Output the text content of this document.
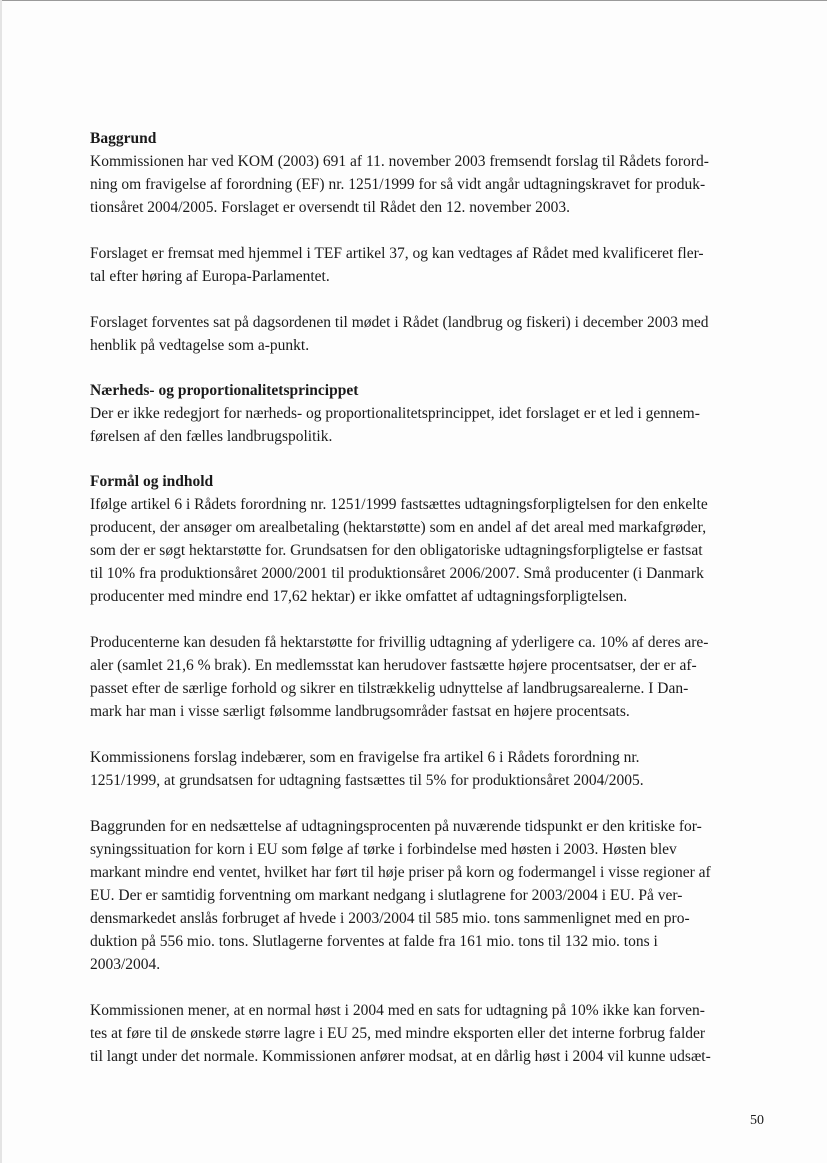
Baggrund
Kommissionen har ved KOM (2003) 691 af 11. november 2003 fremsendt forslag til Rådets forord-
ning om fravigelse af forordning (EF) nr. 1251/1999 for så vidt angår udtagningskravet for produk-
tionsåret 2004/2005. Forslaget er oversendt til Rådet den 12. november 2003.
Forslaget er fremsat med hjemmel i TEF artikel 37, og kan vedtages af Rådet med kvalificeret fler-
tal efter høring af Europa-Parlamentet.
Forslaget forventes sat på dagsordenen til mødet i Rådet (landbrug og fiskeri) i december 2003 med
henblik på vedtagelse som a-punkt.
Nærheds- og proportionalitetsprincippet
Der er ikke redegjort for nærheds- og proportionalitetsprincippet, idet forslaget er et led i gennem-
førelsen af den fælles landbrugspolitik.
Formål og indhold
Ifølge artikel 6 i Rådets forordning nr. 1251/1999 fastsættes udtagningsforpligtelsen for den enkelte
producent, der ansøger om arealbetaling (hektarstøtte) som en andel af det areal med markafgrøder,
som der er søgt hektarstøtte for. Grundsatsen for den obligatoriske udtagningsforpligtelse er fastsat
til 10% fra produktionsåret 2000/2001 til produktionsåret 2006/2007. Små producenter (i Danmark
producenter med mindre end 17,62 hektar) er ikke omfattet af udtagningsforpligtelsen.
Producenterne kan desuden få hektarstøtte for frivillig udtagning af yderligere ca. 10% af deres are-
aler (samlet 21,6 % brak). En medlemsstat kan herudover fastsætte højere procentsatser, der er af-
passet efter de særlige forhold og sikrer en tilstrækkelig udnyttelse af landbrugsarealerne. I Dan-
mark har man i visse særligt følsomme landbrugsområder fastsat en højere procentsats.
Kommissionens forslag indebærer, som en fravigelse fra artikel 6 i Rådets forordning nr.
1251/1999, at grundsatsen for udtagning fastsættes til 5% for produktionsåret 2004/2005.
Baggrunden for en nedsættelse af udtagningsprocenten på nuværende tidspunkt er den kritiske for-
syningssituation for korn i EU som følge af tørke i forbindelse med høsten i 2003. Høsten blev
markant mindre end ventet, hvilket har ført til høje priser på korn og fodermangel i visse regioner af
EU. Der er samtidig forventning om markant nedgang i slutlagrene for 2003/2004 i EU. På ver-
densmarkedet anslås forbruget af hvede i 2003/2004 til 585 mio. tons sammenlignet med en pro-
duktion på 556 mio. tons. Slutlagerne forventes at falde fra 161 mio. tons til 132 mio. tons i
2003/2004.
Kommissionen mener, at en normal høst i 2004 med en sats for udtagning på 10% ikke kan forven-
tes at føre til de ønskede større lagre i EU 25, med mindre eksporten eller det interne forbrug falder
til langt under det normale. Kommissionen anfører modsat, at en dårlig høst i 2004 vil kunne udsæt-
50
